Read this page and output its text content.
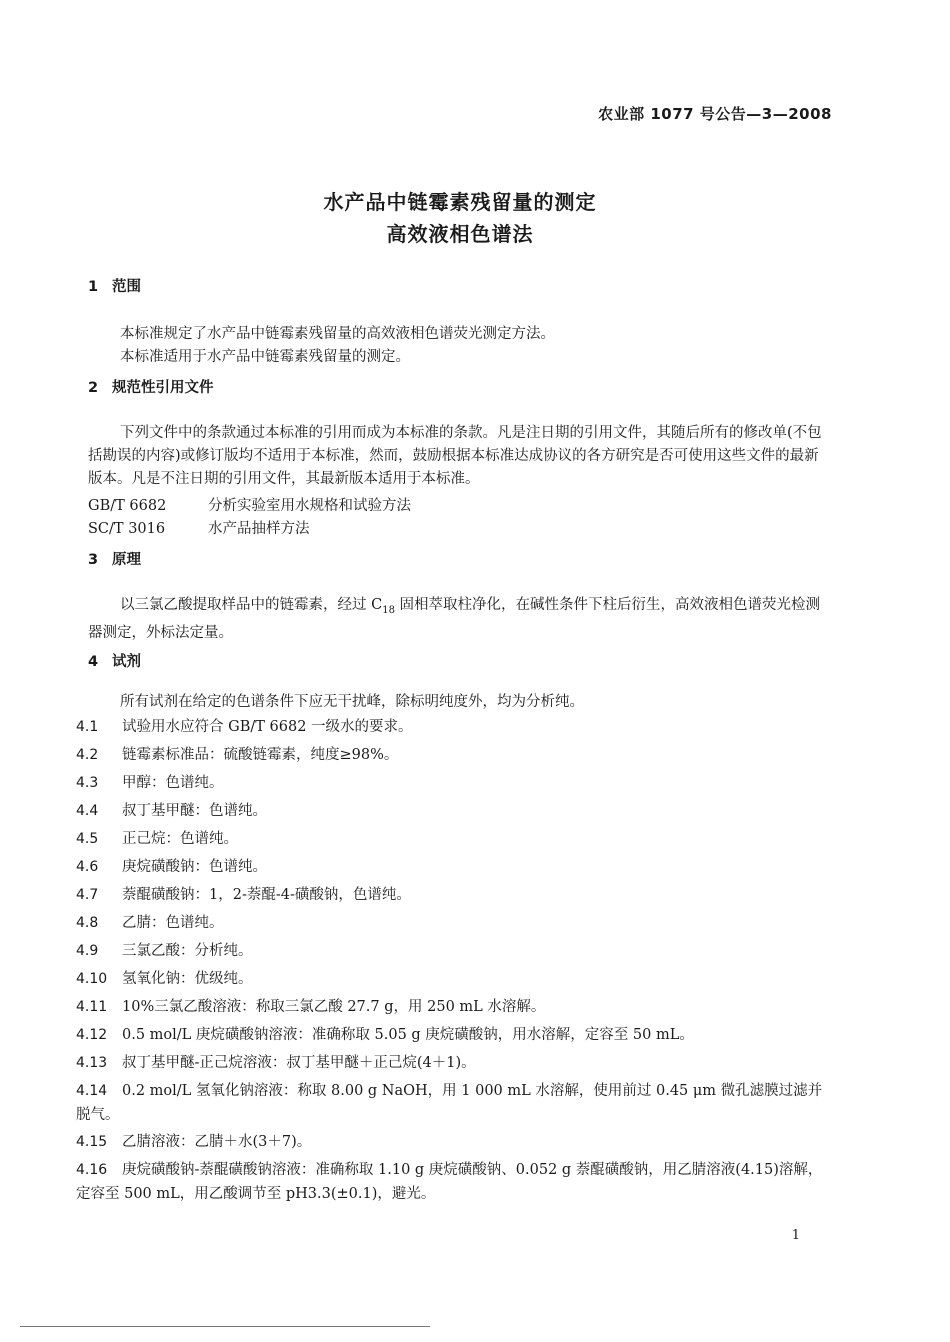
农业部 1077 号公告—3—2008
水产品中链霉素残留量的测定
高效液相色谱法
1 范围
本标准规定了水产品中链霉素残留量的高效液相色谱荧光测定方法。
本标准适用于水产品中链霉素残留量的测定。
2 规范性引用文件
下列文件中的条款通过本标准的引用而成为本标准的条款。凡是注日期的引用文件，其随后所有的修改单(不包括勘误的内容)或修订版均不适用于本标准，然而，鼓励根据本标准达成协议的各方研究是否可使用这些文件的最新版本。凡是不注日期的引用文件，其最新版本适用于本标准。
GB/T 6682	分析实验室用水规格和试验方法
SC/T 3016	水产品抽样方法
3 原理
以三氯乙酸提取样品中的链霉素，经过 $C_{18}$ 固相萃取柱净化，在碱性条件下柱后衍生，高效液相色谱荧光检测器测定，外标法定量。
4 试剂
所有试剂在给定的色谱条件下应无干扰峰，除标明纯度外，均为分析纯。
4.1 试验用水应符合 GB/T 6682 一级水的要求。
4.2 链霉素标准品：硫酸链霉素，纯度≥98%。
4.3 甲醇：色谱纯。
4.4 叔丁基甲醚：色谱纯。
4.5 正己烷：色谱纯。
4.6 庚烷磺酸钠：色谱纯。
4.7 萘醌磺酸钠：1，2-萘醌-4-磺酸钠，色谱纯。
4.8 乙腈：色谱纯。
4.9 三氯乙酸：分析纯。
4.10 氢氧化钠：优级纯。
4.11 10%三氯乙酸溶液：称取三氯乙酸 27.7 g，用 250 mL 水溶解。
4.12 0.5 mol/L 庚烷磺酸钠溶液：准确称取 5.05 g 庚烷磺酸钠，用水溶解，定容至 50 mL。
4.13 叔丁基甲醚-正己烷溶液：叔丁基甲醚＋正己烷(4＋1)。
4.14 0.2 mol/L 氢氧化钠溶液：称取 8.00 g NaOH，用 1 000 mL 水溶解，使用前过 0.45 μm 微孔滤膜过滤并脱气。
4.15 乙腈溶液：乙腈＋水(3＋7)。
4.16 庚烷磺酸钠-萘醌磺酸钠溶液：准确称取 1.10 g 庚烷磺酸钠、0.052 g 萘醌磺酸钠，用乙腈溶液(4.15)溶解，定容至 500 mL，用乙酸调节至 pH3.3(±0.1)，避光。
1
